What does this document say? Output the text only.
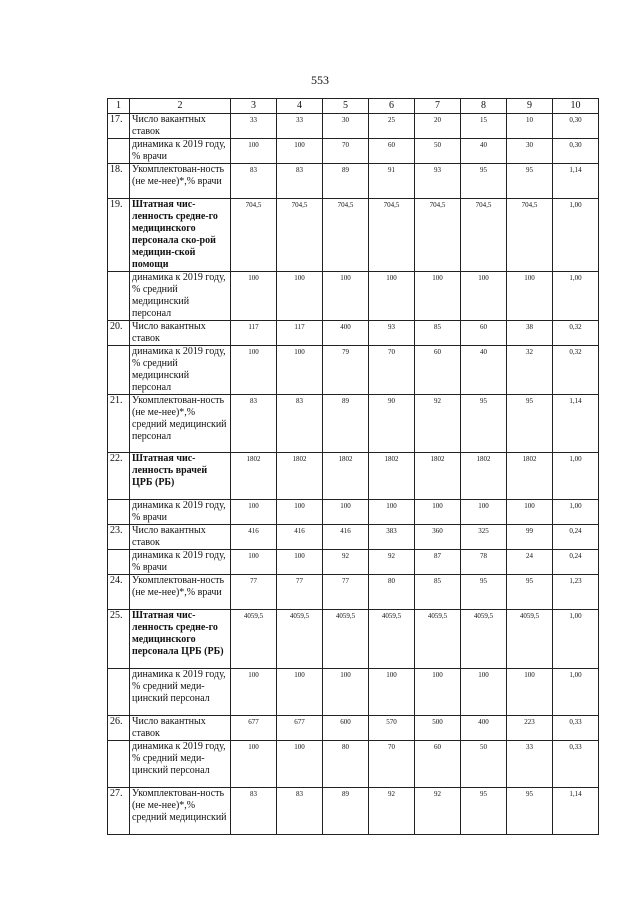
553
1	2	3	4	5	6	7	8	9	10
17.	Число вакантных ставок	33	33	30	25	20	15	10	0,30
	динамика к 2019 году, % врачи	100	100	70	60	50	40	30	0,30
18.	Укомплектован-ность (не ме-нее)*,% врачи	83	83	89	91	93	95	95	1,14
19.	Штатная чис-ленность средне-го медицинского персонала ско-рой медицин-ской помощи	704,5	704,5	704,5	704,5	704,5	704,5	704,5	1,00
	динамика к 2019 году, % средний медицинский персонал	100	100	100	100	100	100	100	1,00
20.	Число вакантных ставок	117	117	400	93	85	60	38	0,32
	динамика к 2019 году, % средний медицинский персонал	100	100	79	70	60	40	32	0,32
21.	Укомплектован-ность (не ме-нее)*,% средний медицинский персонал	83	83	89	90	92	95	95	1,14
22.	Штатная чис-ленность врачей ЦРБ (РБ)	1802	1802	1802	1802	1802	1802	1802	1,00
	динамика к 2019 году, % врачи	100	100	100	100	100	100	100	1,00
23.	Число вакантных ставок	416	416	416	383	360	325	99	0,24
	динамика к 2019 году, % врачи	100	100	92	92	87	78	24	0,24
24.	Укомплектован-ность (не ме-нее)*,% врачи	77	77	77	80	85	95	95	1,23
25.	Штатная чис-ленность средне-го медицинского персонала ЦРБ (РБ)	4059,5	4059,5	4059,5	4059,5	4059,5	4059,5	4059,5	1,00
	динамика к 2019 году, % средний меди-цинский персонал	100	100	100	100	100	100	100	1,00
26.	Число вакантных ставок	677	677	600	570	500	400	223	0,33
	динамика к 2019 году, % средний меди-цинский персонал	100	100	80	70	60	50	33	0,33
27.	Укомплектован-ность (не ме-нее)*,% средний медицинский	83	83	89	92	92	95	95	1,14
